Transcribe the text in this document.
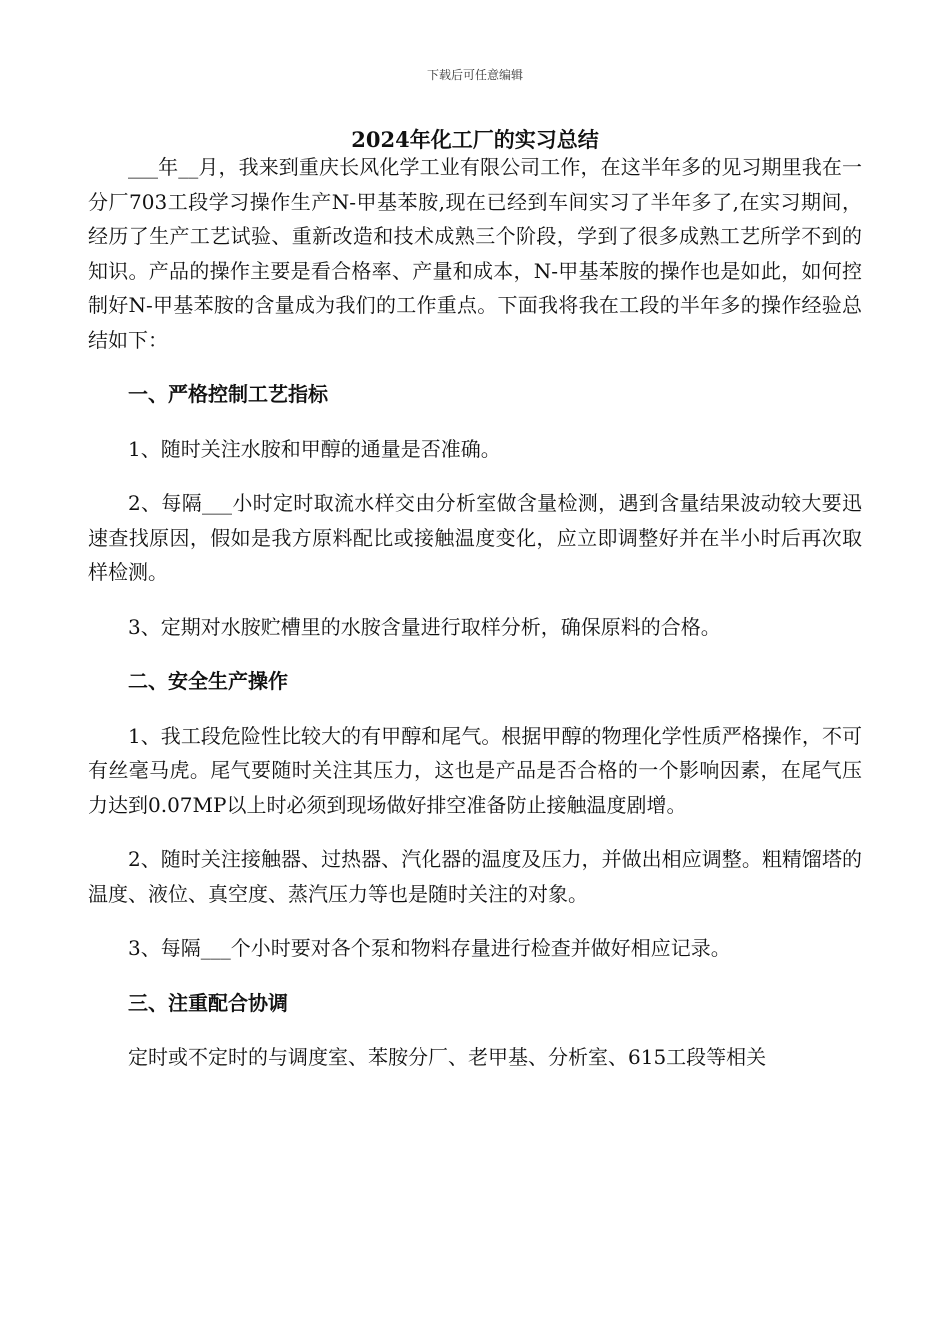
下载后可任意编辑
2024年化工厂的实习总结

___年__月，我来到重庆长风化学工业有限公司工作，在这半年多的见习期里我在一分厂703工段学习操作生产N-甲基苯胺,现在已经到车间实习了半年多了,在实习期间，经历了生产工艺试验、重新改造和技术成熟三个阶段，学到了很多成熟工艺所学不到的知识。产品的操作主要是看合格率、产量和成本，N-甲基苯胺的操作也是如此，如何控制好N-甲基苯胺的含量成为我们的工作重点。下面我将我在工段的半年多的操作经验总结如下：

一、严格控制工艺指标

1、随时关注水胺和甲醇的通量是否准确。

2、每隔___小时定时取流水样交由分析室做含量检测，遇到含量结果波动较大要迅速查找原因，假如是我方原料配比或接触温度变化，应立即调整好并在半小时后再次取样检测。

3、定期对水胺贮槽里的水胺含量进行取样分析，确保原料的合格。

二、安全生产操作

1、我工段危险性比较大的有甲醇和尾气。根据甲醇的物理化学性质严格操作，不可有丝毫马虎。尾气要随时关注其压力，这也是产品是否合格的一个影响因素，在尾气压力达到0.07MP以上时必须到现场做好排空准备防止接触温度剧增。

2、随时关注接触器、过热器、汽化器的温度及压力，并做出相应调整。粗精馏塔的温度、液位、真空度、蒸汽压力等也是随时关注的对象。

3、每隔___个小时要对各个泵和物料存量进行检查并做好相应记录。

三、注重配合协调

定时或不定时的与调度室、苯胺分厂、老甲基、分析室、615工段等相关
